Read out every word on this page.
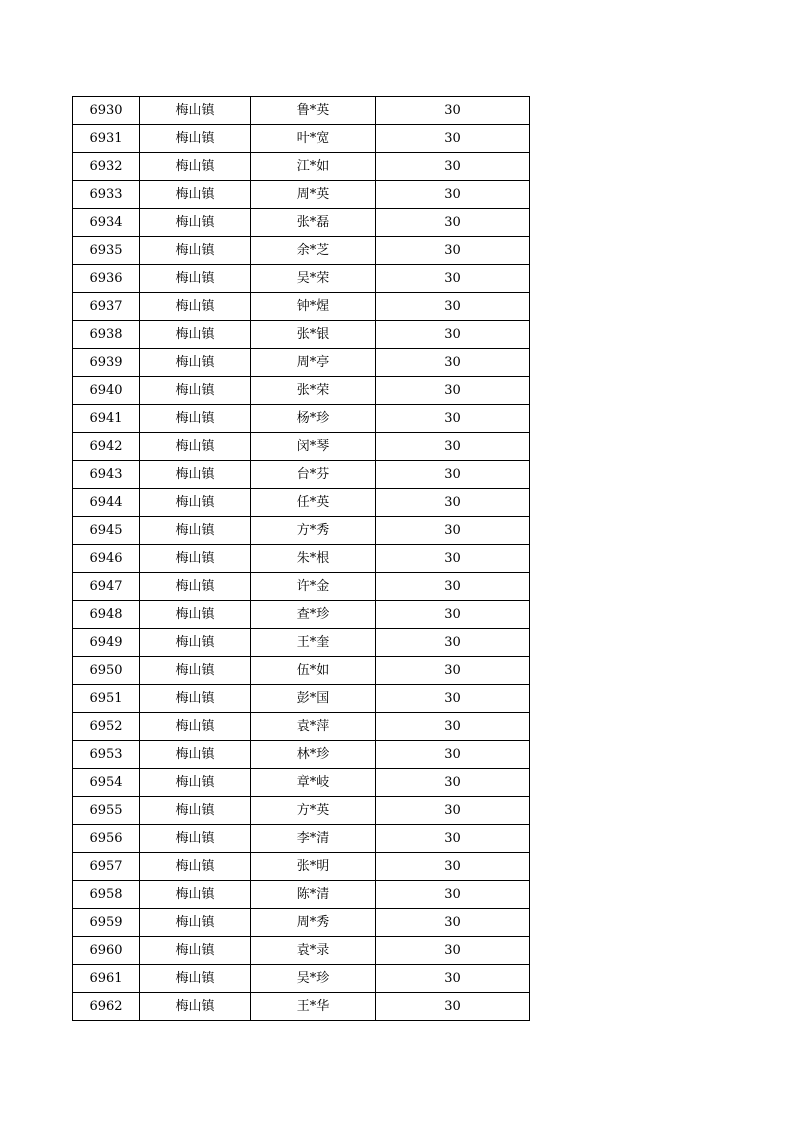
6930	梅山镇	鲁*英	30
6931	梅山镇	叶*宽	30
6932	梅山镇	江*如	30
6933	梅山镇	周*英	30
6934	梅山镇	张*磊	30
6935	梅山镇	余*芝	30
6936	梅山镇	吴*荣	30
6937	梅山镇	钟*煋	30
6938	梅山镇	张*银	30
6939	梅山镇	周*亭	30
6940	梅山镇	张*荣	30
6941	梅山镇	杨*珍	30
6942	梅山镇	闵*琴	30
6943	梅山镇	台*芬	30
6944	梅山镇	任*英	30
6945	梅山镇	方*秀	30
6946	梅山镇	朱*根	30
6947	梅山镇	许*金	30
6948	梅山镇	查*珍	30
6949	梅山镇	王*奎	30
6950	梅山镇	伍*如	30
6951	梅山镇	彭*国	30
6952	梅山镇	袁*萍	30
6953	梅山镇	林*珍	30
6954	梅山镇	章*岐	30
6955	梅山镇	方*英	30
6956	梅山镇	李*清	30
6957	梅山镇	张*明	30
6958	梅山镇	陈*清	30
6959	梅山镇	周*秀	30
6960	梅山镇	袁*录	30
6961	梅山镇	吴*珍	30
6962	梅山镇	王*华	30
